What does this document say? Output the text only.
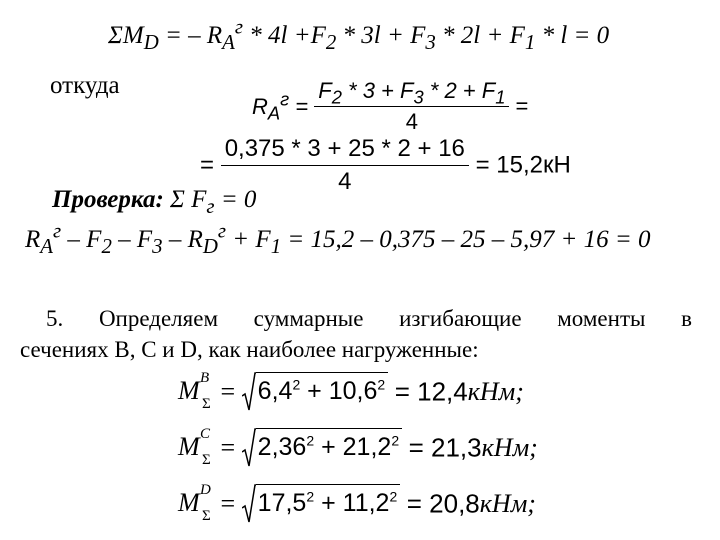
$\Sigma M_D$ = – $R_A^г * 4l +F_2 * 3l + F_3 * 2l + F_1 * l = 0$
откуда
$R_A^г = \frac{F_2 * 3 + F_3 * 2 + F_1}{4}$ =
= $\frac{0,375 * 3 + 25 * 2 + 16}{4} = 15,2кН$
Проверка: Σ $F_г = 0$
$R_A^г - F_2 - F_3 - R_D^г + F_1 = 15,2 - 0,375 - 25 - 5,97 + 16 = 0$

5. Определяем суммарные изгибающие моменты в

сечениях В, С и D, как наиболее нагруженные:

M B
$\Sigma = 6,4^2 + 10,6^2 = 12,4кНм$;
M C
$\Sigma = 2,36^2 + 21,2^2 = 21,3кНм$;
M D
$\Sigma = 17,5^2 + 11,2^2 = 20,8кНм$;
